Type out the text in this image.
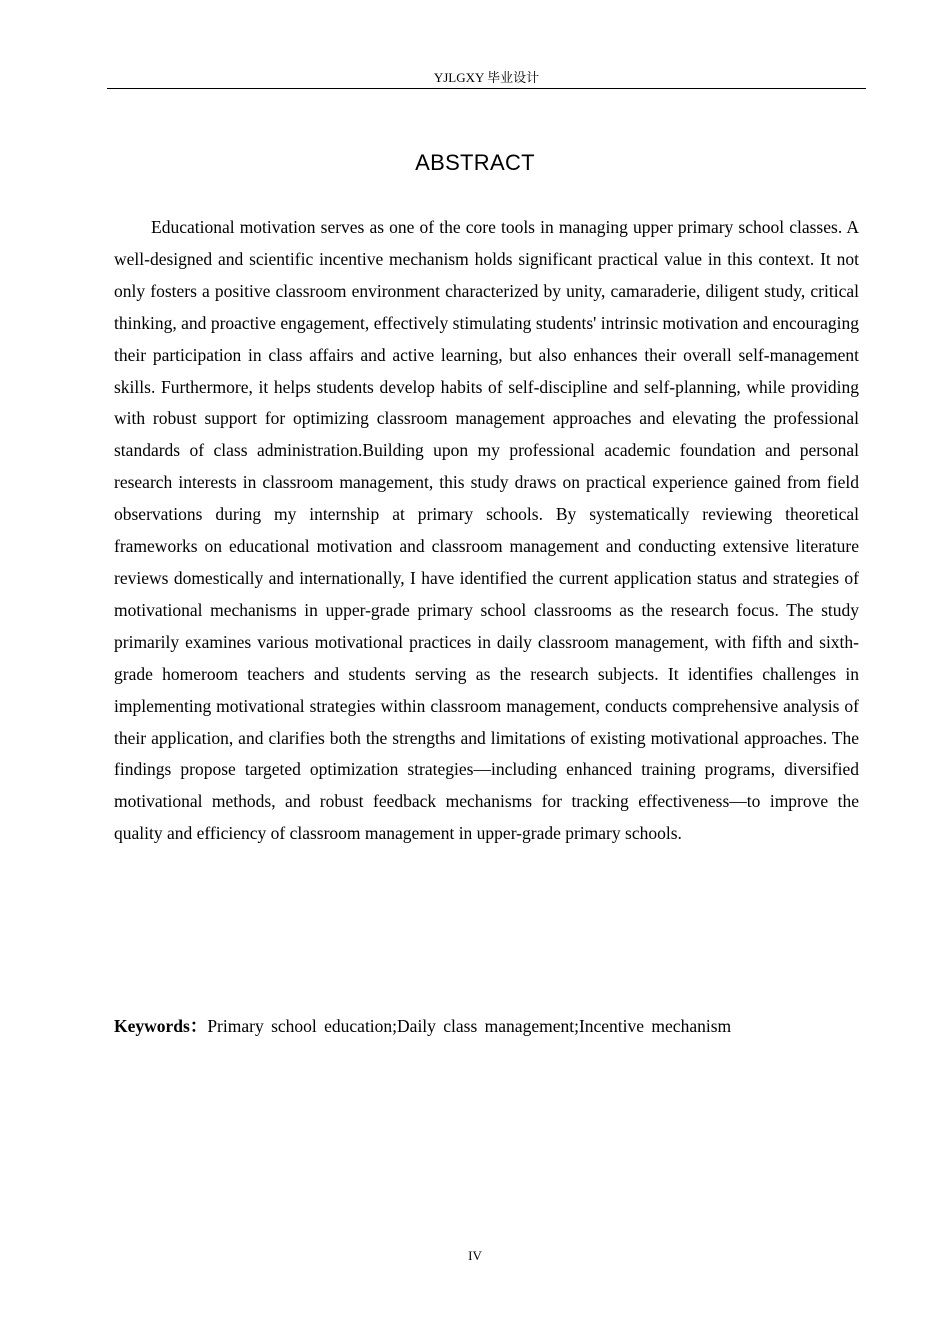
YJLGXY 毕业设计
ABSTRACT

Educational motivation serves as one of the core tools in managing upper primary school classes. A well-designed and scientific incentive mechanism holds significant practical value in this context. It not only fosters a positive classroom environment characterized by unity, camaraderie, diligent study, critical thinking, and proactive engagement, effectively stimulating students' intrinsic motivation and encouraging their participation in class affairs and active learning, but also enhances their overall self-management skills. Furthermore, it helps students develop habits of self-discipline and self-planning, while providing with robust support for optimizing classroom management approaches and elevating the professional standards of class administration.Building upon my professional academic foundation and personal research interests in classroom management, this study draws on practical experience gained from field observations during my internship at primary schools. By systematically reviewing theoretical frameworks on educational motivation and classroom management and conducting extensive literature reviews domestically and internationally, I have identified the current application status and strategies of motivational mechanisms in upper-grade primary school classrooms as the research focus. The study primarily examines various motivational practices in daily classroom management, with fifth and sixth-grade homeroom teachers and students serving as the research subjects. It identifies challenges in implementing motivational strategies within classroom management, conducts comprehensive analysis of their application, and clarifies both the strengths and limitations of existing motivational approaches. The findings propose targeted optimization strategies—including enhanced training programs, diversified motivational methods, and robust feedback mechanisms for tracking effectiveness—to improve the quality and efficiency of classroom management in upper-grade primary schools.

Keywords：Primary school education;Daily class management;Incentive mechanism

IV
